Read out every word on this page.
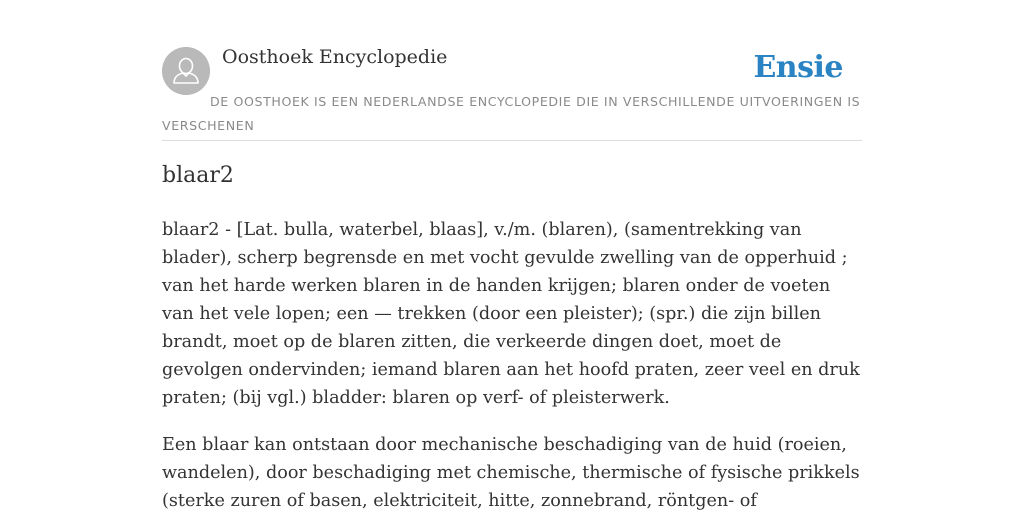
Oosthoek Encyclopedie	Ensie
DE OOSTHOEK IS EEN NEDERLANDSE ENCYCLOPEDIE DIE IN VERSCHILLENDE UITVOERINGEN IS VERSCHENEN
blaar2

blaar2 - [Lat. bulla, waterbel, blaas], v./m. (blaren), (samentrekking van blader), scherp begrensde en met vocht gevulde zwelling van de opperhuid ; van het harde werken blaren in de handen krijgen; blaren onder de voeten van het vele lopen; een — trekken (door een pleister); (spr.) die zijn billen brandt, moet op de blaren zitten, die verkeerde dingen doet, moet de gevolgen ondervinden; iemand blaren aan het hoofd praten, zeer veel en druk praten; (bij vgl.) bladder: blaren op verf- of pleisterwerk.

Een blaar kan ontstaan door mechanische beschadiging van de huid (roeien, wandelen), door beschadiging met chemische, thermische of fysische prikkels (sterke zuren of basen, elektriciteit, hitte, zonnebrand, röntgen- of
